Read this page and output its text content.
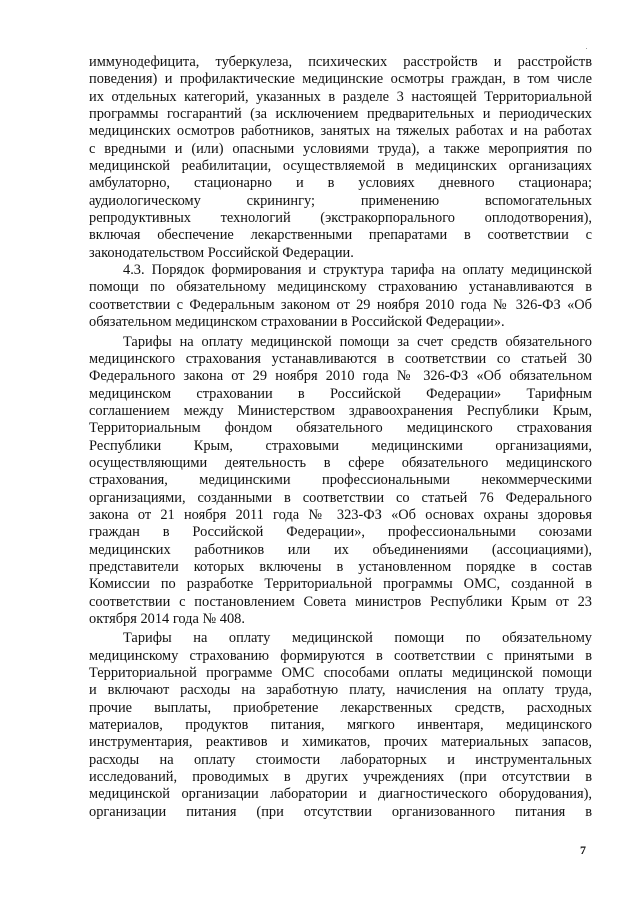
иммунодефицита, туберкулеза, психических расстройств и расстройств
поведения) и профилактические медицинские осмотры граждан, в том числе
их отдельных категорий, указанных в разделе 3 настоящей Территориальной
программы госгарантий (за исключением предварительных и периодических
медицинских осмотров работников, занятых на тяжелых работах и на работах
с вредными и (или) опасными условиями труда), а также мероприятия по
медицинской реабилитации, осуществляемой в медицинских организациях
амбулаторно, стационарно и в условиях дневного стационара;
аудиологическому скринингу; применению вспомогательных
репродуктивных технологий (экстракорпорального оплодотворения),
включая обеспечение лекарственными препаратами в соответствии с
законодательством Российской Федерации.
4.3. Порядок формирования и структура тарифа на оплату медицинской
помощи по обязательному медицинскому страхованию устанавливаются в
соответствии с Федеральным законом от 29 ноября 2010 года № 326-ФЗ «Об
обязательном медицинском страховании в Российской Федерации».
Тарифы на оплату медицинской помощи за счет средств обязательного
медицинского страхования устанавливаются в соответствии со статьей 30
Федерального закона от 29 ноября 2010 года № 326-ФЗ «Об обязательном
медицинском страховании в Российской Федерации» Тарифным
соглашением между Министерством здравоохранения Республики Крым,
Территориальным фондом обязательного медицинского страхования
Республики Крым, страховыми медицинскими организациями,
осуществляющими деятельность в сфере обязательного медицинского
страхования, медицинскими профессиональными некоммерческими
организациями, созданными в соответствии со статьей 76 Федерального
закона от 21 ноября 2011 года № 323-ФЗ «Об основах охраны здоровья
граждан в Российской Федерации», профессиональными союзами
медицинских работников или их объединениями (ассоциациями),
представители которых включены в установленном порядке в состав
Комиссии по разработке Территориальной программы ОМС, созданной в
соответствии с постановлением Совета министров Республики Крым от 23
октября 2014 года № 408.
Тарифы на оплату медицинской помощи по обязательному
медицинскому страхованию формируются в соответствии с принятыми в
Территориальной программе ОМС способами оплаты медицинской помощи
и включают расходы на заработную плату, начисления на оплату труда,
прочие выплаты, приобретение лекарственных средств, расходных
материалов, продуктов питания, мягкого инвентаря, медицинского
инструментария, реактивов и химикатов, прочих материальных запасов,
расходы на оплату стоимости лабораторных и инструментальных
исследований, проводимых в других учреждениях (при отсутствии в
медицинской организации лаборатории и диагностического оборудования),
организации питания (при отсутствии организованного питания в
7
